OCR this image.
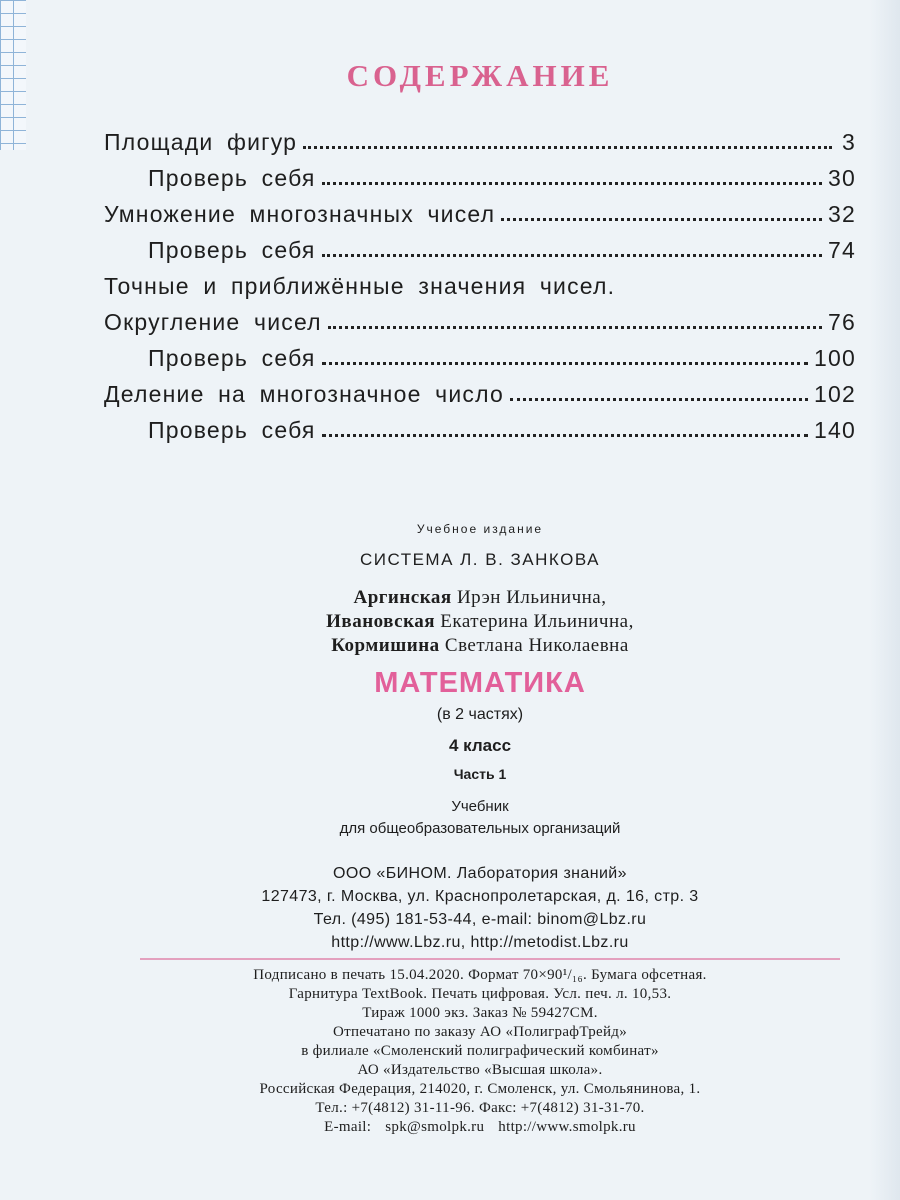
СОДЕРЖАНИЕ
Площади фигур	3
Проверь себя	30
Умножение многозначных чисел	32
Проверь себя	74
Точные и приближённые значения чисел.
Округление чисел	76
Проверь себя	100
Деление на многозначное число	102
Проверь себя	140
Учебное издание
СИСТЕМА Л. В. ЗАНКОВА
Аргинская Ирэн Ильинична,
Ивановская Екатерина Ильинична,
Кормишина Светлана Николаевна
МАТЕМАТИКА
(в 2 частях)
4 класс
Часть 1
Учебник
для общеобразовательных организаций
ООО «БИНОМ. Лаборатория знаний»
127473, г. Москва, ул. Краснопролетарская, д. 16, стр. 3
Тел. (495) 181-53-44, e-mail: binom@Lbz.ru
http://www.Lbz.ru, http://metodist.Lbz.ru
Подписано в печать 15.04.2020. Формат 70×90¹/₁₆. Бумага офсетная.
Гарнитура TextBook. Печать цифровая. Усл. печ. л. 10,53.
Тираж 1000 экз. Заказ № 59427СМ.
Отпечатано по заказу АО «ПолиграфТрейд»
в филиале «Смоленский полиграфический комбинат»
АО «Издательство «Высшая школа».
Российская Федерация, 214020, г. Смоленск, ул. Смольянинова, 1.
Тел.: +7(4812) 31-11-96. Факс: +7(4812) 31-31-70.
E-mail: spk@smolpk.ru http://www.smolpk.ru
